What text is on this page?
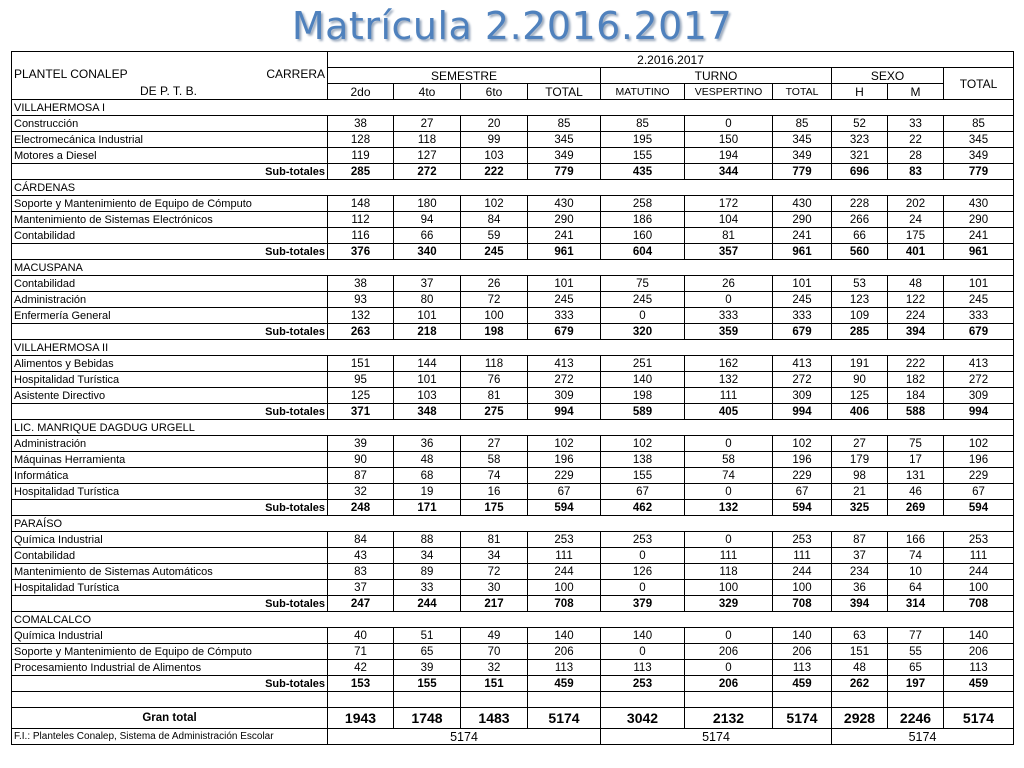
Matrícula 2.2016.2017
PLANTEL CONALEP CARRERA
DE P. T. B.	2.2016.2017									
	SEMESTRE				TURNO			SEXO		TOTAL
	2do	4to	6to	TOTAL	MATUTINO	VESPERTINO	TOTAL	H	M	
VILLAHERMOSA I										
Construcción	38	27	20	85	85	0	85	52	33	85
Electromecánica Industrial	128	118	99	345	195	150	345	323	22	345
Motores a Diesel	119	127	103	349	155	194	349	321	28	349
Sub-totales	285	272	222	779	435	344	779	696	83	779
CÁRDENAS										
Soporte y Mantenimiento de Equipo de Cómputo	148	180	102	430	258	172	430	228	202	430
Mantenimiento de Sistemas Electrónicos	112	94	84	290	186	104	290	266	24	290
Contabilidad	116	66	59	241	160	81	241	66	175	241
Sub-totales	376	340	245	961	604	357	961	560	401	961
MACUSPANA										
Contabilidad	38	37	26	101	75	26	101	53	48	101
Administración	93	80	72	245	245	0	245	123	122	245
Enfermería General	132	101	100	333	0	333	333	109	224	333
Sub-totales	263	218	198	679	320	359	679	285	394	679
VILLAHERMOSA II										
Alimentos y Bebidas	151	144	118	413	251	162	413	191	222	413
Hospitalidad Turística	95	101	76	272	140	132	272	90	182	272
Asistente Directivo	125	103	81	309	198	111	309	125	184	309
Sub-totales	371	348	275	994	589	405	994	406	588	994
LIC. MANRIQUE DAGDUG URGELL										
Administración	39	36	27	102	102	0	102	27	75	102
Máquinas Herramienta	90	48	58	196	138	58	196	179	17	196
Informática	87	68	74	229	155	74	229	98	131	229
Hospitalidad Turística	32	19	16	67	67	0	67	21	46	67
Sub-totales	248	171	175	594	462	132	594	325	269	594
PARAÍSO										
Química Industrial	84	88	81	253	253	0	253	87	166	253
Contabilidad	43	34	34	111	0	111	111	37	74	111
Mantenimiento de Sistemas Automáticos	83	89	72	244	126	118	244	234	10	244
Hospitalidad Turística	37	33	30	100	0	100	100	36	64	100
Sub-totales	247	244	217	708	379	329	708	394	314	708
COMALCALCO										
Química Industrial	40	51	49	140	140	0	140	63	77	140
Soporte y Mantenimiento de Equipo de Cómputo	71	65	70	206	0	206	206	151	55	206
Procesamiento Industrial de Alimentos	42	39	32	113	113	0	113	48	65	113
Sub-totales	153	155	151	459	253	206	459	262	197	459

Gran total	1943	1748	1483	5174	3042	2132	5174	2928	2246	5174
F.I.: Planteles Conalep, Sistema de Administración Escolar	5174				5174			5174		
